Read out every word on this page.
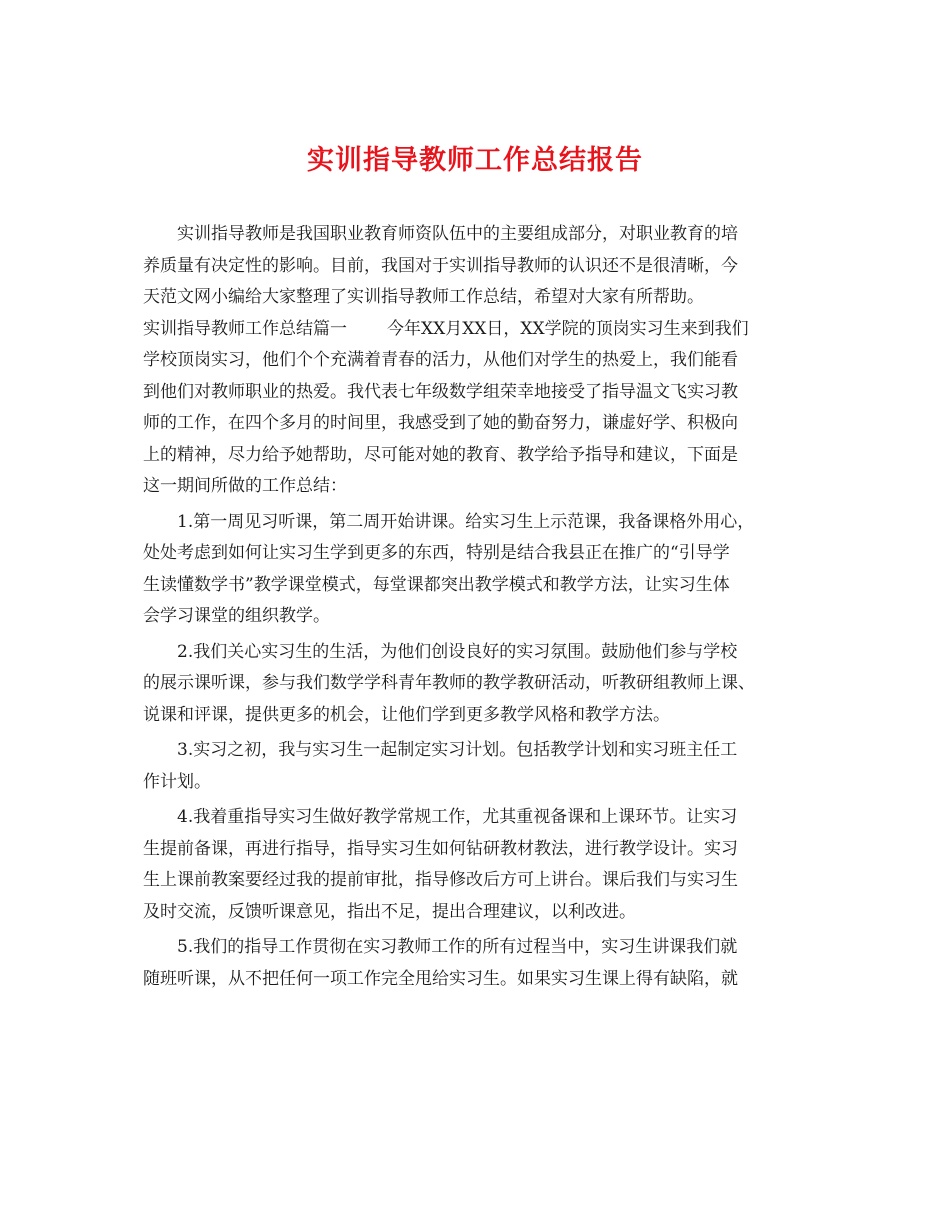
实训指导教师工作总结报告
实训指导教师是我国职业教育师资队伍中的主要组成部分，对职业教育的培
养质量有决定性的影响。目前，我国对于实训指导教师的认识还不是很清晰，今
天范文网小编给大家整理了实训指导教师工作总结，希望对大家有所帮助。
实训指导教师工作总结篇一 今年XX月XX日，XX学院的顶岗实习生来到我们
学校顶岗实习，他们个个充满着青春的活力，从他们对学生的热爱上，我们能看
到他们对教师职业的热爱。我代表七年级数学组荣幸地接受了指导温文飞实习教
师的工作，在四个多月的时间里，我感受到了她的勤奋努力，谦虚好学、积极向
上的精神，尽力给予她帮助，尽可能对她的教育、教学给予指导和建议，下面是
这一期间所做的工作总结：
1.第一周见习听课，第二周开始讲课。给实习生上示范课，我备课格外用心，
处处考虑到如何让实习生学到更多的东西，特别是结合我县正在推广的“引导学
生读懂数学书”教学课堂模式，每堂课都突出教学模式和教学方法，让实习生体
会学习课堂的组织教学。
2.我们关心实习生的生活，为他们创设良好的实习氛围。鼓励他们参与学校
的展示课听课，参与我们数学学科青年教师的教学教研活动，听教研组教师上课、
说课和评课，提供更多的机会，让他们学到更多教学风格和教学方法。
3.实习之初，我与实习生一起制定实习计划。包括教学计划和实习班主任工
作计划。
4.我着重指导实习生做好教学常规工作，尤其重视备课和上课环节。让实习
生提前备课，再进行指导，指导实习生如何钻研教材教法，进行教学设计。实习
生上课前教案要经过我的提前审批，指导修改后方可上讲台。课后我们与实习生
及时交流，反馈听课意见，指出不足，提出合理建议，以利改进。
5.我们的指导工作贯彻在实习教师工作的所有过程当中，实习生讲课我们就
随班听课，从不把任何一项工作完全甩给实习生。如果实习生课上得有缺陷，就
